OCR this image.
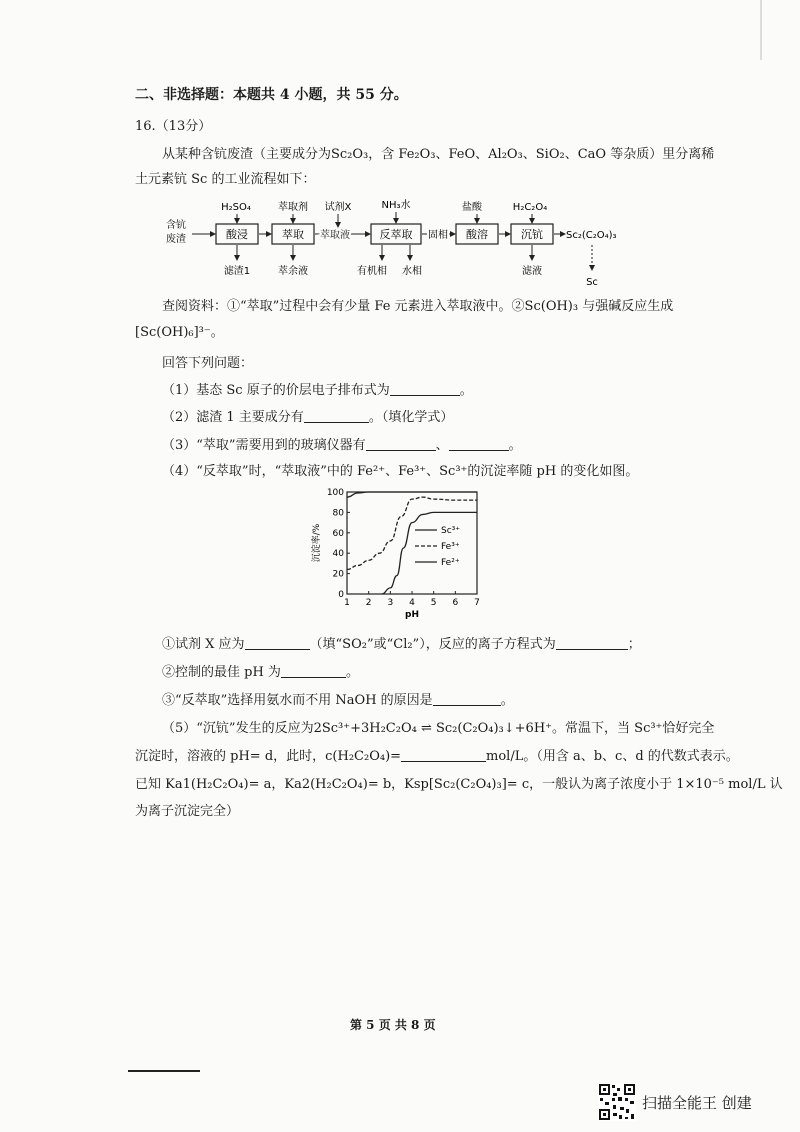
二、非选择题：本题共 4 小题，共 55 分。
16.（13分）
从某种含钪废渣（主要成分为Sc₂O₃，含 Fe₂O₃、FeO、Al₂O₃、SiO₂、CaO 等杂质）里分离稀
土元素钪 Sc 的工业流程如下：
含钪
废渣	酸浸
H₂SO₄
滤渣1
萃取
萃取剂
萃余液
萃取液
试剂X
反萃取
NH₃水
有机相 水相
固相 酸溶
盐酸
沉钪
H₂C₂O₄
滤液
Sc₂(C₂O₄)₃
Sc
查阅资料：①“萃取”过程中会有少量 Fe 元素进入萃取液中。②Sc(OH)₃ 与强碱反应生成
[Sc(OH)₆]³⁻。
回答下列问题：
（1）基态 Sc 原子的价层电子排布式为	。
（2）滤渣 1 主要成分有	。（填化学式）
（3）“萃取”需要用到的玻璃仪器有	、	。
（4）“反萃取”时，“萃取液”中的 Fe²⁺、Fe³⁺、Sc³⁺的沉淀率随 pH 的变化如图。
1 2 3 4 5 6 7
0
20
40
60
80
100
pH
沉淀率/%	Sc³⁺
Fe³⁺
Fe²⁺
①试剂 X 应为	（填“SO₂”或“Cl₂”），反应的离子方程式为	；
②控制的最佳 pH 为	。
③“反萃取”选择用氨水而不用 NaOH 的原因是	。
（5）“沉钪”发生的反应为2Sc³⁺+3H₂C₂O₄ ⇌ Sc₂(C₂O₄)₃↓+6H⁺。常温下，当 Sc³⁺恰好完全
沉淀时，溶液的 pH= d，此时，c(H₂C₂O₄)=	mol/L。（用含 a、b、c、d 的代数式表示。
已知 Ka1(H₂C₂O₄)= a，Ka2(H₂C₂O₄)= b，Ksp[Sc₂(C₂O₄)₃]= c，一般认为离子浓度小于 1×10⁻⁵ mol/L 认
为离子沉淀完全）
第 5 页 共 8 页
扫描全能王 创建
